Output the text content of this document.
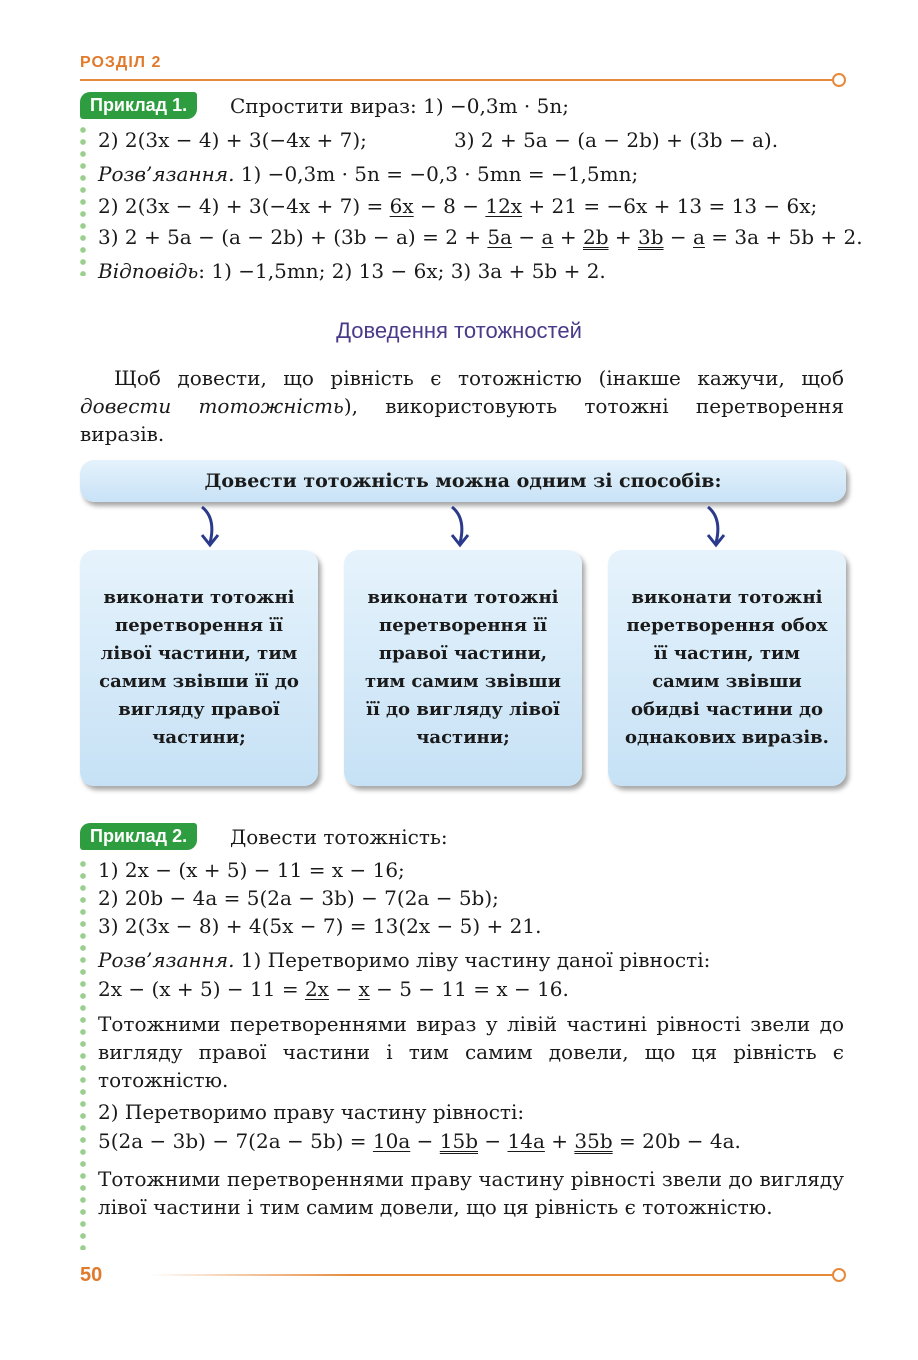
РОЗДІЛ 2
Приклад 1.	Спростити вираз: 1) −0,3m · 5n;
2) 2(3x − 4) + 3(−4x + 7);	3) 2 + 5a − (a − 2b) + (3b − a).
Розв’язання. 1) −0,3m · 5n = −0,3 · 5mn = −1,5mn;
2) 2(3x − 4) + 3(−4x + 7) = 6x − 8 − 12x + 21 = −6x + 13 = 13 − 6x;
3) 2 + 5a − (a − 2b) + (3b − a) = 2 + 5a − a + 2b + 3b − a = 3a + 5b + 2.
Відповідь: 1) −1,5mn; 2) 13 − 6x; 3) 3a + 5b + 2.
Доведення тотожностей
Щоб довести, що рівність є тотожністю (інакше кажучи, щоб довести тотожність), використовують тотожні перетворення виразів.
Довести тотожність можна одним зі способів:
виконати тотожні перетворення її лівої частини, тим самим звівши її до вигляду правої частини;
виконати тотожні перетворення її правої частини, тим самим звівши її до вигляду лівої частини;
виконати тотожні перетворення обох її частин, тим самим звівши обидві частини до однакових виразів.
Приклад 2.	Довести тотожність:
1) 2x − (x + 5) − 11 = x − 16;
2) 20b − 4a = 5(2a − 3b) − 7(2a − 5b);
3) 2(3x − 8) + 4(5x − 7) = 13(2x − 5) + 21.
Розв’язання. 1) Перетворимо ліву частину даної рівності:
2x − (x + 5) − 11 = 2x − x − 5 − 11 = x − 16.
Тотожними перетвореннями вираз у лівій частині рівності звели до вигляду правої частини і тим самим довели, що ця рівність є тотожністю.
2) Перетворимо праву частину рівності:
5(2a − 3b) − 7(2a − 5b) = 10a − 15b − 14a + 35b = 20b − 4a.
Тотожними перетвореннями праву частину рівності звели до вигляду лівої частини і тим самим довели, що ця рівність є тотожністю.
50
